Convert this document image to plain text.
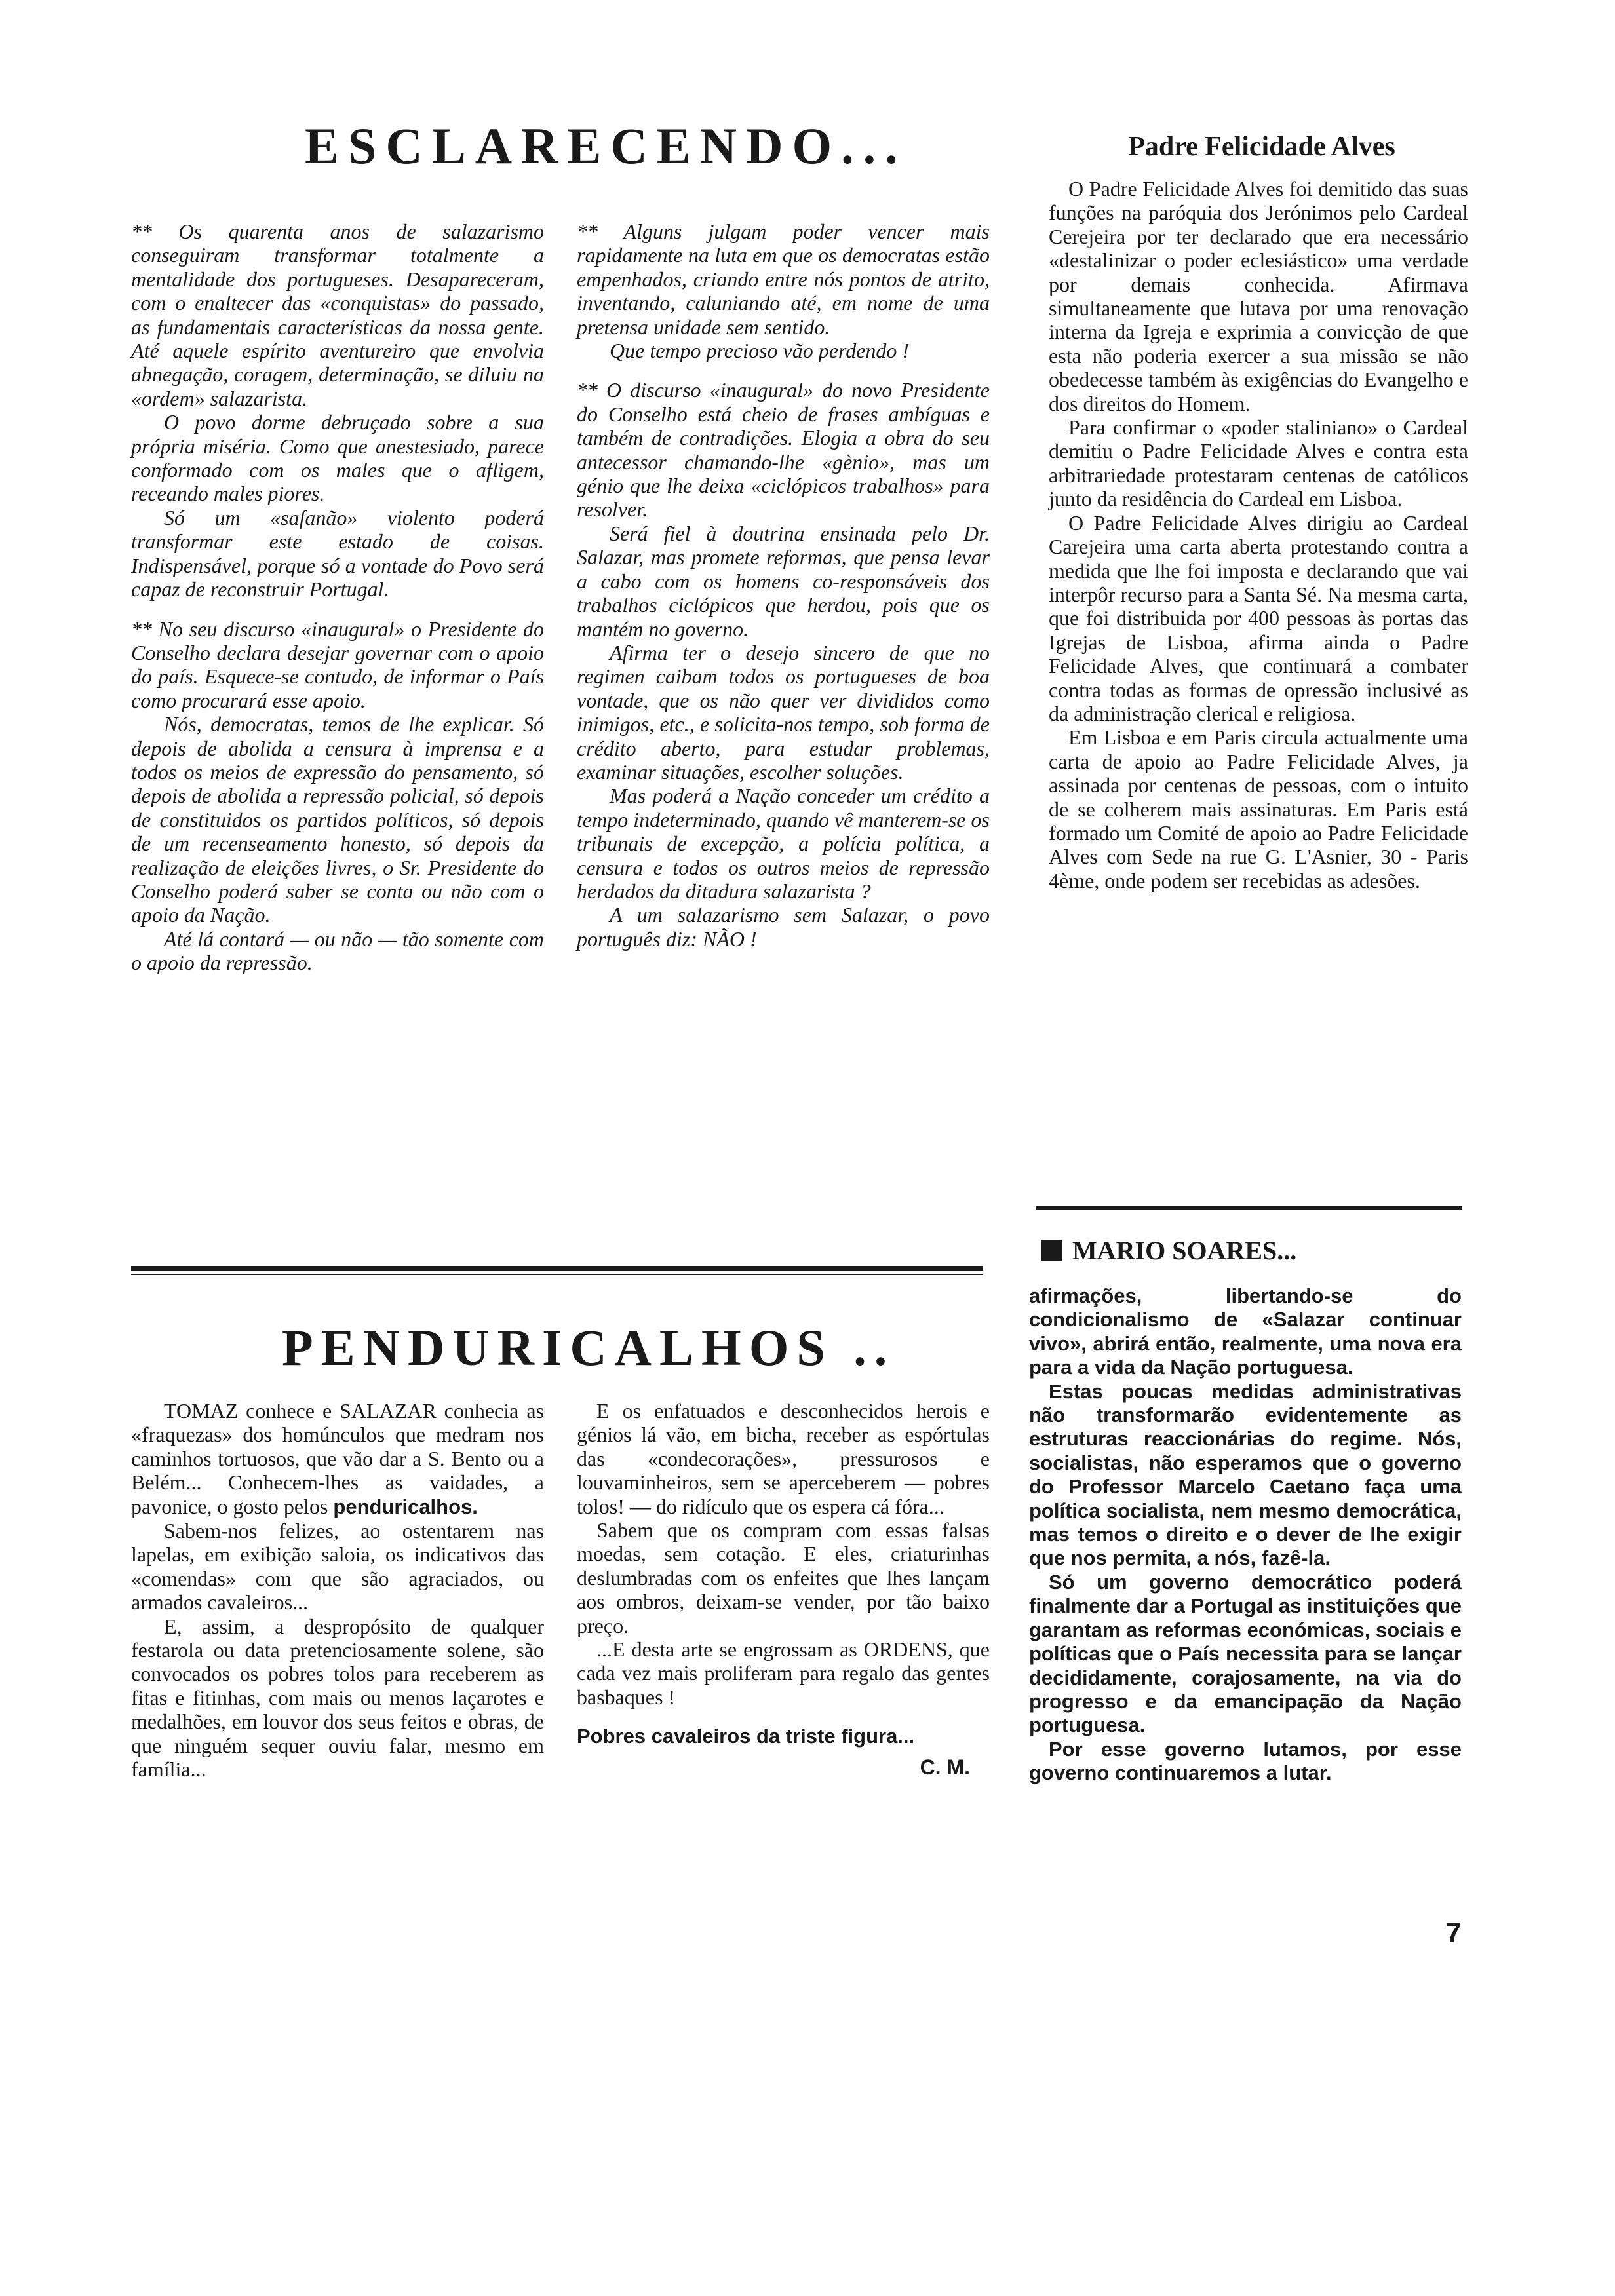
ESCLARECENDO...

** Os quarenta anos de salazarismo conseguiram transformar totalmente a mentalidade dos portugueses. Desapareceram, com o enaltecer das «conquistas» do passado, as fundamentais características da nossa gente. Até aquele espírito aventureiro que envolvia abnegação, coragem, determinação, se diluiu na «ordem» salazarista.

O povo dorme debruçado sobre a sua própria miséria. Como que anestesiado, parece conformado com os males que o afligem, receando males piores.

Só um «safanão» violento poderá transformar este estado de coisas. Indispensável, porque só a vontade do Povo será capaz de reconstruir Portugal.

** No seu discurso «inaugural» o Presidente do Conselho declara desejar governar com o apoio do país. Esquece-se contudo, de informar o País como procurará esse apoio.

Nós, democratas, temos de lhe explicar. Só depois de abolida a censura à imprensa e a todos os meios de expressão do pensamento, só depois de abolida a repressão policial, só depois de constituidos os partidos políticos, só depois de um recenseamento honesto, só depois da realização de eleições livres, o Sr. Presidente do Conselho poderá saber se conta ou não com o apoio da Nação.

Até lá contará — ou não — tão somente com o apoio da repressão.

** Alguns julgam poder vencer mais rapidamente na luta em que os democratas estão empenhados, criando entre nós pontos de atrito, inventando, caluniando até, em nome de uma pretensa unidade sem sentido.

Que tempo precioso vão perdendo !

** O discurso «inaugural» do novo Presidente do Conselho está cheio de frases ambíguas e também de contradições. Elogia a obra do seu antecessor chamando-lhe «gènio», mas um génio que lhe deixa «ciclópicos trabalhos» para resolver.

Será fiel à doutrina ensinada pelo Dr. Salazar, mas promete reformas, que pensa levar a cabo com os homens co-responsáveis dos trabalhos ciclópicos que herdou, pois que os mantém no governo.

Afirma ter o desejo sincero de que no regimen caibam todos os portugueses de boa vontade, que os não quer ver divididos como inimigos, etc., e solicita-nos tempo, sob forma de crédito aberto, para estudar problemas, examinar situações, escolher soluções.

Mas poderá a Nação conceder um crédito a tempo indeterminado, quando vê manterem-se os tribunais de excepção, a polícia política, a censura e todos os outros meios de repressão herdados da ditadura salazarista ?

A um salazarismo sem Salazar, o povo português diz: NÃO !

Padre Felicidade Alves

O Padre Felicidade Alves foi demitido das suas funções na paróquia dos Jerónimos pelo Cardeal Cerejeira por ter declarado que era necessário «destalinizar o poder eclesiástico» uma verdade por demais conhecida. Afirmava simultaneamente que lutava por uma renovação interna da Igreja e exprimia a convicção de que esta não poderia exercer a sua missão se não obedecesse também às exigências do Evangelho e dos direitos do Homem.

Para confirmar o «poder staliniano» o Cardeal demitiu o Padre Felicidade Alves e contra esta arbitrariedade protestaram centenas de católicos junto da residência do Cardeal em Lisboa.

O Padre Felicidade Alves dirigiu ao Cardeal Carejeira uma carta aberta protestando contra a medida que lhe foi imposta e declarando que vai interpôr recurso para a Santa Sé. Na mesma carta, que foi distribuida por 400 pessoas às portas das Igrejas de Lisboa, afirma ainda o Padre Felicidade Alves, que continuará a combater contra todas as formas de opressão inclusivé as da administração clerical e religiosa.

Em Lisboa e em Paris circula actualmente uma carta de apoio ao Padre Felicidade Alves, ja assinada por centenas de pessoas, com o intuito de se colherem mais assinaturas. Em Paris está formado um Comité de apoio ao Padre Felicidade Alves com Sede na rue G. L'Asnier, 30 - Paris 4ème, onde podem ser recebidas as adesões.

PENDURICALHOS ..

TOMAZ conhece e SALAZAR conhecia as «fraquezas» dos homúnculos que medram nos caminhos tortuosos, que vão dar a S. Bento ou a Belém... Conhecem-lhes as vaidades, a pavonice, o gosto pelos penduricalhos.

Sabem-nos felizes, ao ostentarem nas lapelas, em exibição saloia, os indicativos das «comendas» com que são agraciados, ou armados cavaleiros...

E, assim, a despropósito de qualquer festarola ou data pretenciosamente solene, são convocados os pobres tolos para receberem as fitas e fitinhas, com mais ou menos laçarotes e medalhões, em louvor dos seus feitos e obras, de que ninguém sequer ouviu falar, mesmo em família...

E os enfatuados e desconhecidos herois e génios lá vão, em bicha, receber as espórtulas das «condecorações», pressurosos e louvaminheiros, sem se aperceberem — pobres tolos! — do ridículo que os espera cá fóra...

Sabem que os compram com essas falsas moedas, sem cotação. E eles, criaturinhas deslumbradas com os enfeites que lhes lançam aos ombros, deixam-se vender, por tão baixo preço.

...E desta arte se engrossam as ORDENS, que cada vez mais proliferam para regalo das gentes basbaques !

Pobres cavaleiros da triste figura...

C. M.

MARIO SOARES...

afirmações, libertando-se do condicionalismo de «Salazar continuar vivo», abrirá então, realmente, uma nova era para a vida da Nação portuguesa.

Estas poucas medidas administrativas não transformarão evidentemente as estruturas reaccionárias do regime. Nós, socialistas, não esperamos que o governo do Professor Marcelo Caetano faça uma política socialista, nem mesmo democrática, mas temos o direito e o dever de lhe exigir que nos permita, a nós, fazê-la.

Só um governo democrático poderá finalmente dar a Portugal as instituições que garantam as reformas económicas, sociais e políticas que o País necessita para se lançar decididamente, corajosamente, na via do progresso e da emancipação da Nação portuguesa.

Por esse governo lutamos, por esse governo continuaremos a lutar.

7
